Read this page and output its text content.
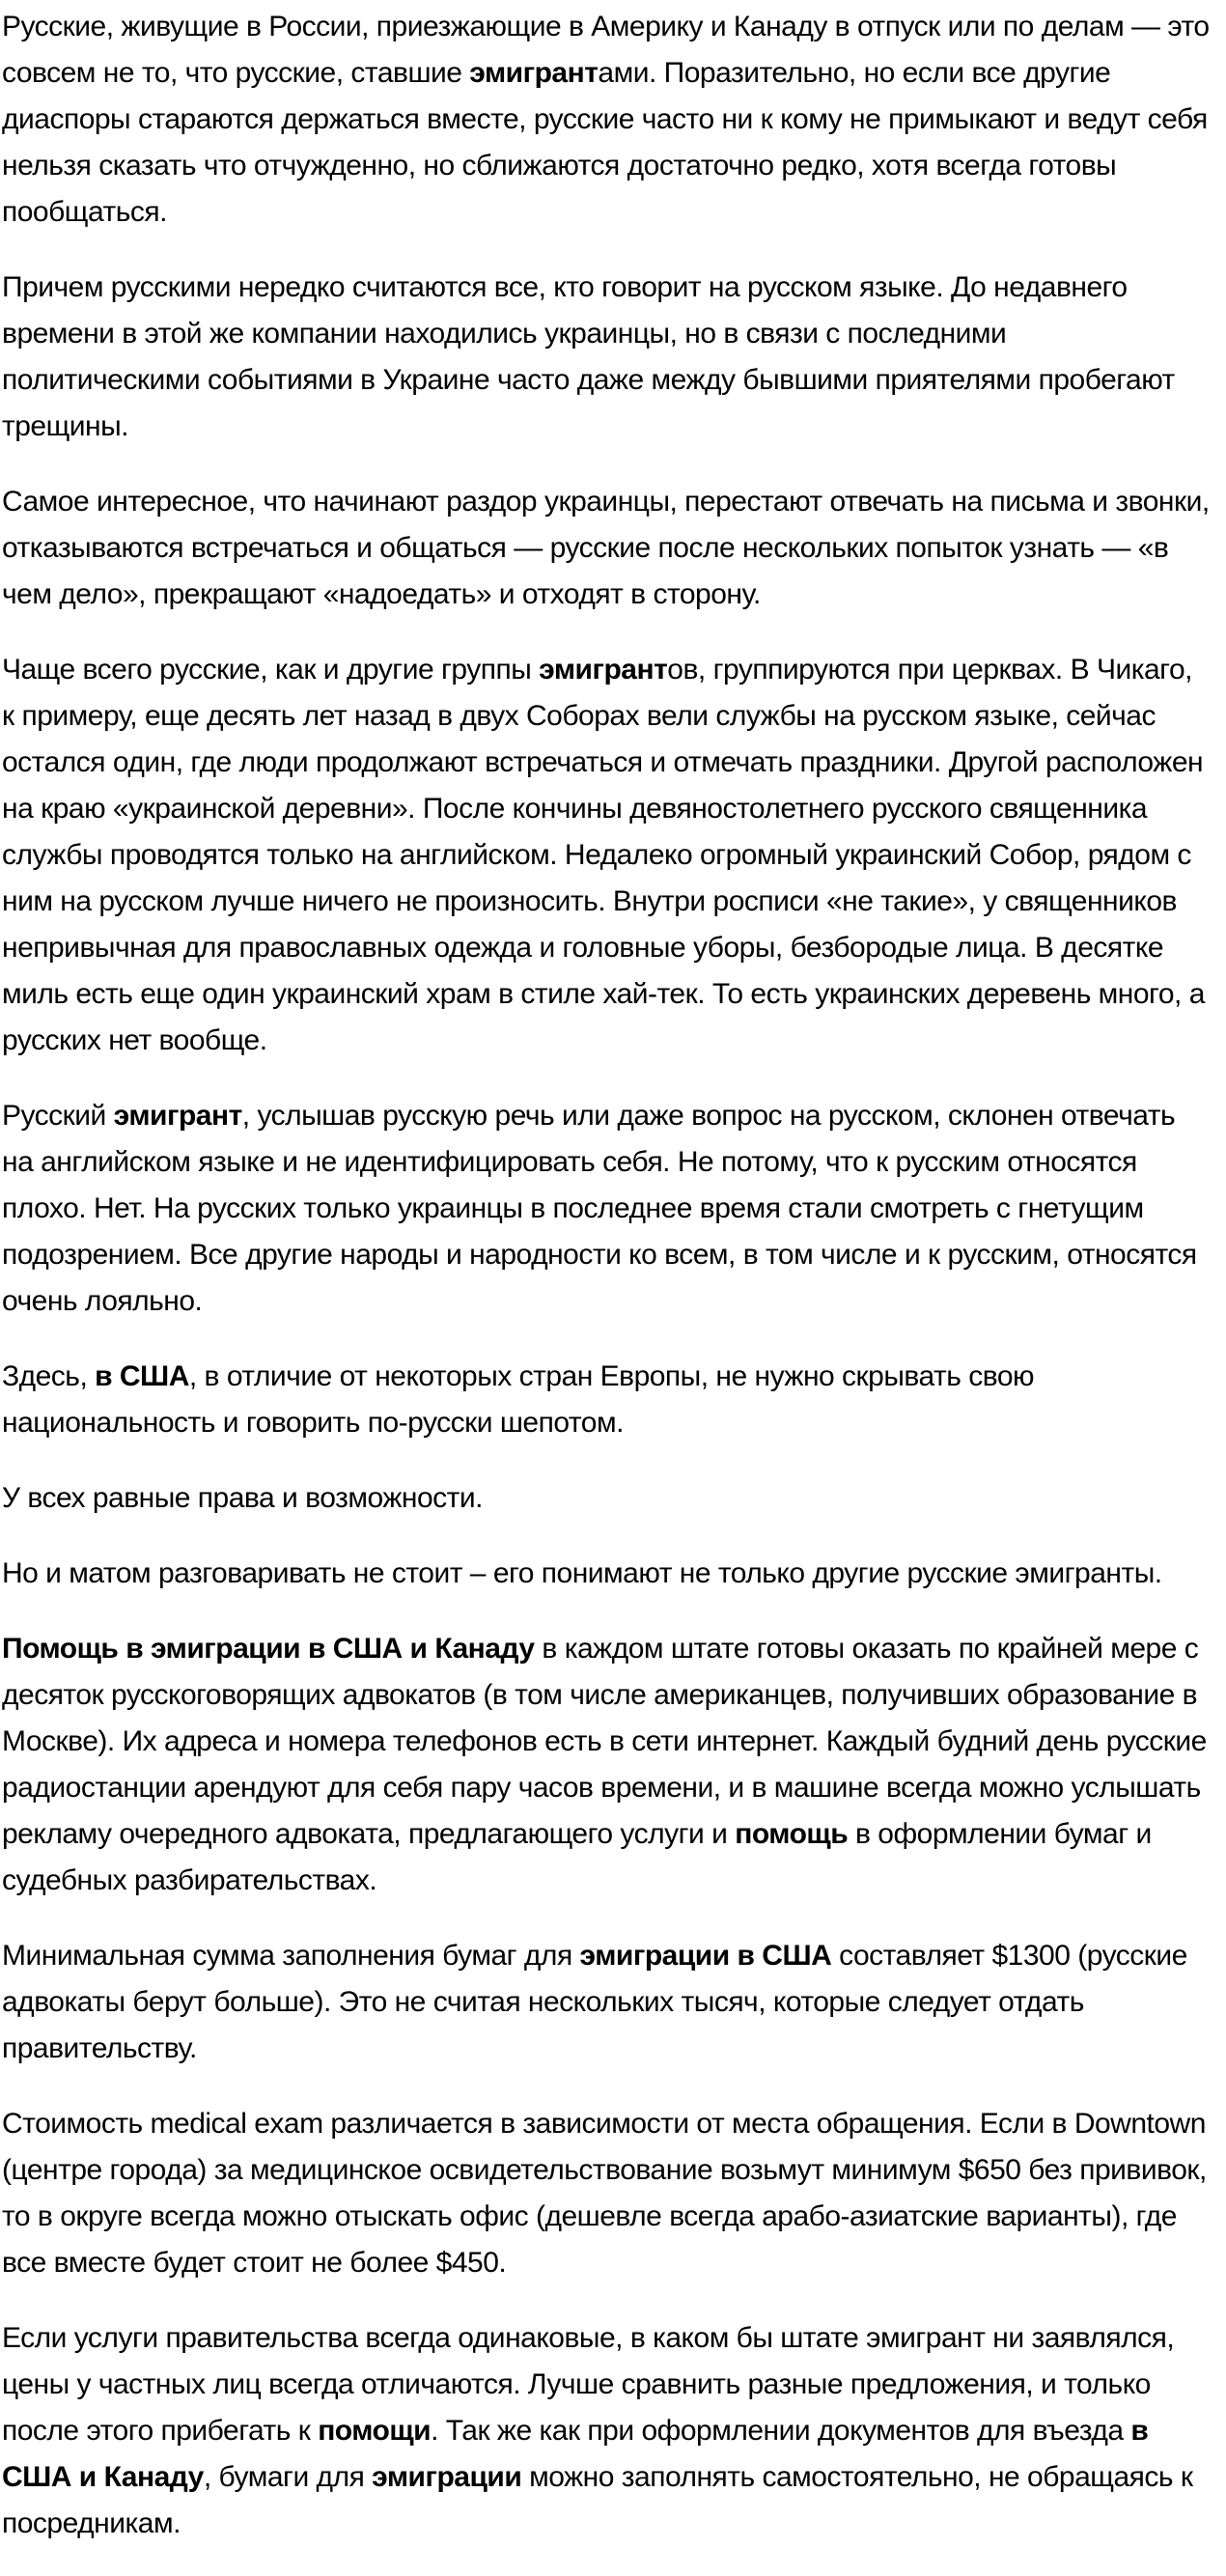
Русские, живущие в России, приезжающие в Америку и Канаду в отпуск или по делам — это совсем не то, что русские, ставшие эмигрантами. Поразительно, но если все другие диаспоры стараются держаться вместе, русские часто ни к кому не примыкают и ведут себя нельзя сказать что отчужденно, но сближаются достаточно редко, хотя всегда готовы пообщаться.

Причем русскими нередко считаются все, кто говорит на русском языке. До недавнего времени в этой же компании находились украинцы, но в связи с последними политическими событиями в Украине часто даже между бывшими приятелями пробегают трещины.

Самое интересное, что начинают раздор украинцы, перестают отвечать на письма и звонки, отказываются встречаться и общаться — русские после нескольких попыток узнать — «в чем дело», прекращают «надоедать» и отходят в сторону.

Чаще всего русские, как и другие группы эмигрантов, группируются при церквах. В Чикаго, к примеру, еще десять лет назад в двух Соборах вели службы на русском языке, сейчас остался один, где люди продолжают встречаться и отмечать праздники. Другой расположен на краю «украинской деревни». После кончины девяностолетнего русского священника службы проводятся только на английском. Недалеко огромный украинский Собор, рядом с ним на русском лучше ничего не произносить. Внутри росписи «не такие», у священников непривычная для православных одежда и головные уборы, безбородые лица. В десятке миль есть еще один украинский храм в стиле хай-тек. То есть украинских деревень много, а русских нет вообще.

Русский эмигрант, услышав русскую речь или даже вопрос на русском, склонен отвечать на английском языке и не идентифицировать себя. Не потому, что к русским относятся плохо. Нет. На русских только украинцы в последнее время стали смотреть с гнетущим подозрением. Все другие народы и народности ко всем, в том числе и к русским, относятся очень лояльно.

Здесь, в США, в отличие от некоторых стран Европы, не нужно скрывать свою национальность и говорить по-русски шепотом.

У всех равные права и возможности.

Но и матом разговаривать не стоит – его понимают не только другие русские эмигранты.

Помощь в эмиграции в США и Канаду в каждом штате готовы оказать по крайней мере с десяток русскоговорящих адвокатов (в том числе американцев, получивших образование в Москве). Их адреса и номера телефонов есть в сети интернет. Каждый будний день русские радиостанции арендуют для себя пару часов времени, и в машине всегда можно услышать рекламу очередного адвоката, предлагающего услуги и помощь в оформлении бумаг и судебных разбирательствах.

Минимальная сумма заполнения бумаг для эмиграции в США составляет $1300 (русские адвокаты берут больше). Это не считая нескольких тысяч, которые следует отдать правительству.

Стоимость medical exam различается в зависимости от места обращения. Если в Downtown (центре города) за медицинское освидетельствование возьмут минимум $650 без прививок, то в округе всегда можно отыскать офис (дешевле всегда арабо-азиатские варианты), где все вместе будет стоит не более $450.

Если услуги правительства всегда одинаковые, в каком бы штате эмигрант ни заявлялся, цены у частных лиц всегда отличаются. Лучше сравнить разные предложения, и только после этого прибегать к помощи. Так же как при оформлении документов для въезда в США и Канаду, бумаги для эмиграции можно заполнять самостоятельно, не обращаясь к посредникам.
